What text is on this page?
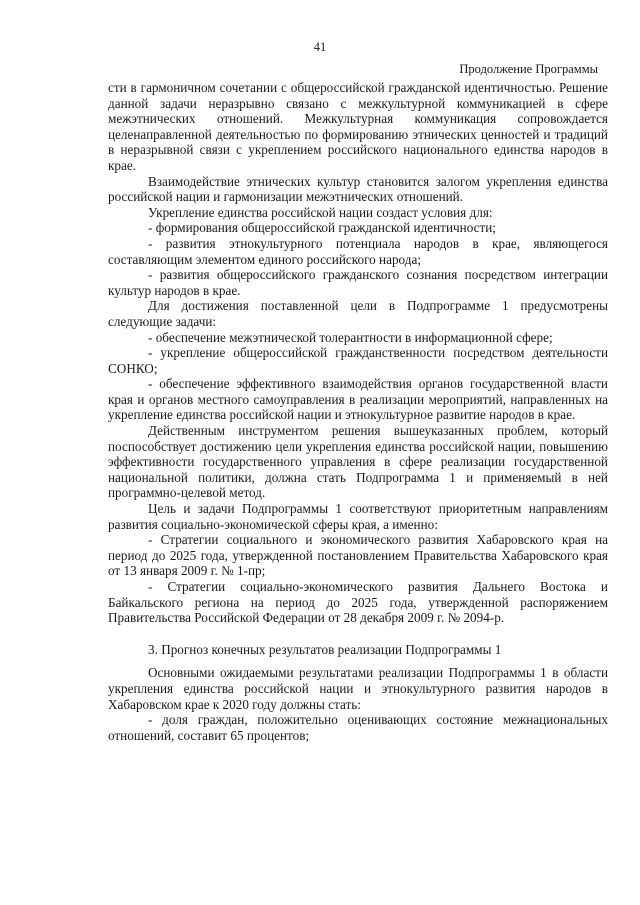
41

Продолжение Программы

сти в гармоничном сочетании с общероссийской гражданской идентичностью. Решение данной задачи неразрывно связано с межкультурной коммуникацией в сфере межэтнических отношений. Межкультурная коммуникация сопровождается целенаправленной деятельностью по формированию этнических ценностей и традиций в неразрывной связи с укреплением российского национального единства народов в крае.

Взаимодействие этнических культур становится залогом укрепления единства российской нации и гармонизации межэтнических отношений.

Укрепление единства российской нации создаст условия для:

- формирования общероссийской гражданской идентичности;

- развития этнокультурного потенциала народов в крае, являющегося составляющим элементом единого российского народа;

- развития общероссийского гражданского сознания посредством интеграции культур народов в крае.

Для достижения поставленной цели в Подпрограмме 1 предусмотрены следующие задачи:

- обеспечение межэтнической толерантности в информационной сфере;

- укрепление общероссийской гражданственности посредством деятельности СОНКО;

- обеспечение эффективного взаимодействия органов государственной власти края и органов местного самоуправления в реализации мероприятий, направленных на укрепление единства российской нации и этнокультурное развитие народов в крае.

Действенным инструментом решения вышеуказанных проблем, который поспособствует достижению цели укрепления единства российской нации, повышению эффективности государственного управления в сфере реализации государственной национальной политики, должна стать Подпрограмма 1 и применяемый в ней программно-целевой метод.

Цель и задачи Подпрограммы 1 соответствуют приоритетным направлениям развития социально-экономической сферы края, а именно:

- Стратегии социального и экономического развития Хабаровского края на период до 2025 года, утвержденной постановлением Правительства Хабаровского края от 13 января 2009 г. № 1-пр;

- Стратегии социально-экономического развития Дальнего Востока и Байкальского региона на период до 2025 года, утвержденной распоряжением Правительства Российской Федерации от 28 декабря 2009 г. № 2094-р.

3. Прогноз конечных результатов реализации Подпрограммы 1

Основными ожидаемыми результатами реализации Подпрограммы 1 в области укрепления единства российской нации и этнокультурного развития народов в Хабаровском крае к 2020 году должны стать:

- доля граждан, положительно оценивающих состояние межнациональных отношений, составит 65 процентов;
